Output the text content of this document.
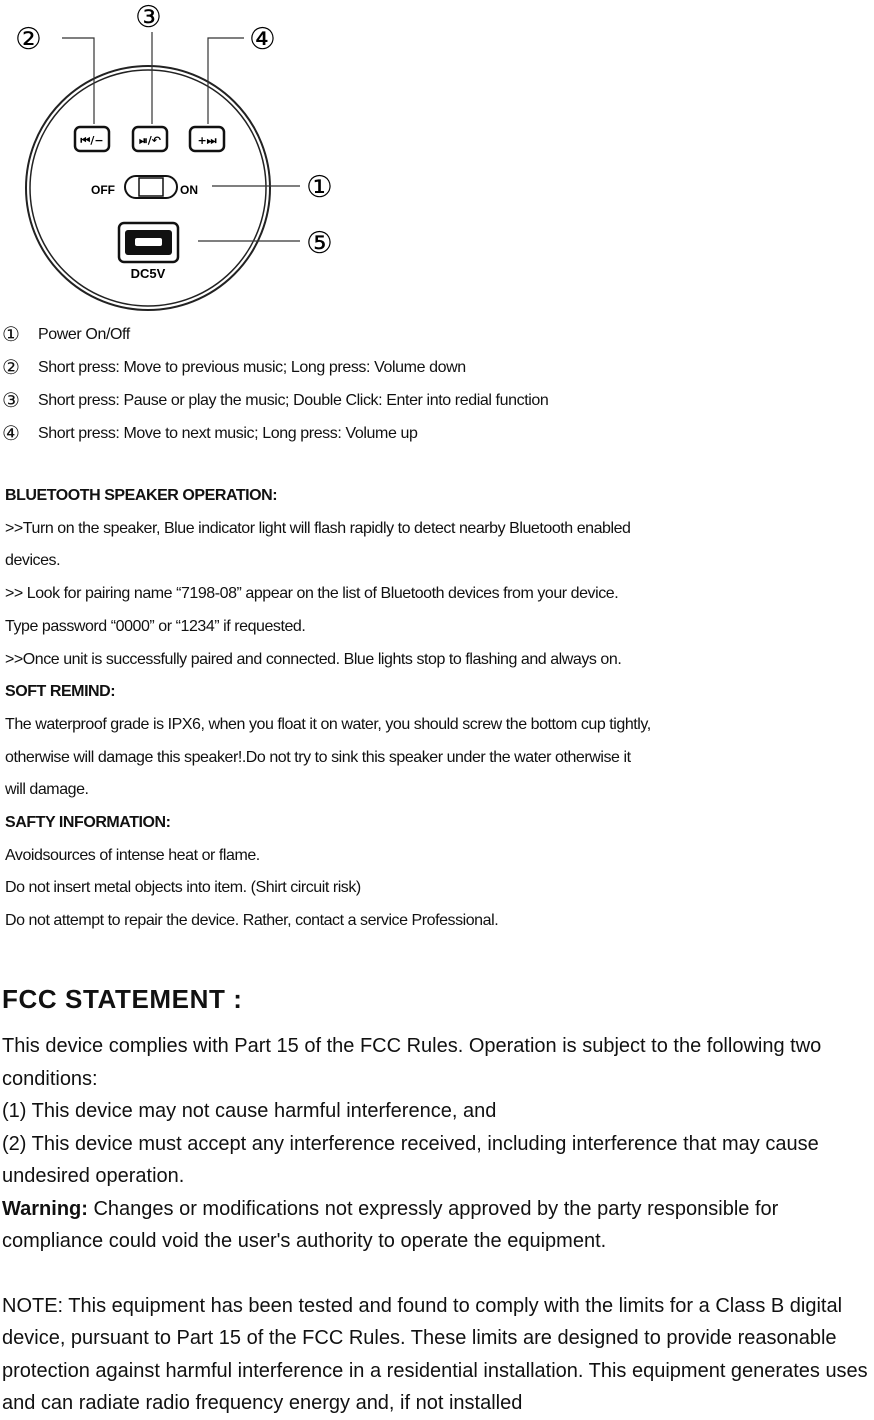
②
③
④
①
⑤
⏮/−	⏯/↶	+⏭
OFF	ON
DC5V
① Power On/Off
② Short press: Move to previous music; Long press: Volume down
③ Short press: Pause or play the music; Double Click: Enter into redial function
④ Short press: Move to next music; Long press: Volume up

BLUETOOTH SPEAKER OPERATION:

>>Turn on the speaker, Blue indicator light will flash rapidly to detect nearby Bluetooth enabled

devices.

>> Look for pairing name “7198-08” appear on the list of Bluetooth devices from your device.

Type password “0000” or “1234” if requested.

>>Once unit is successfully paired and connected. Blue lights stop to flashing and always on.

SOFT REMIND:

The waterproof grade is IPX6, when you float it on water, you should screw the bottom cup tightly,

otherwise will damage this speaker!.Do not try to sink this speaker under the water otherwise it

will damage.

SAFTY INFORMATION:

Avoidsources of intense heat or flame.

Do not insert metal objects into item. (Shirt circuit risk)

Do not attempt to repair the device. Rather, contact a service Professional.

FCC STATEMENT :

This device complies with Part 15 of the FCC Rules. Operation is subject to the following two conditions:

(1) This device may not cause harmful interference, and

(2) This device must accept any interference received, including interference that may cause undesired operation.

Warning: Changes or modifications not expressly approved by the party responsible for compliance could void the user's authority to operate the equipment.

NOTE: This equipment has been tested and found to comply with the limits for a Class B digital device, pursuant to Part 15 of the FCC Rules. These limits are designed to provide reasonable protection against harmful interference in a residential installation. This equipment generates uses and can radiate radio frequency energy and, if not installed
